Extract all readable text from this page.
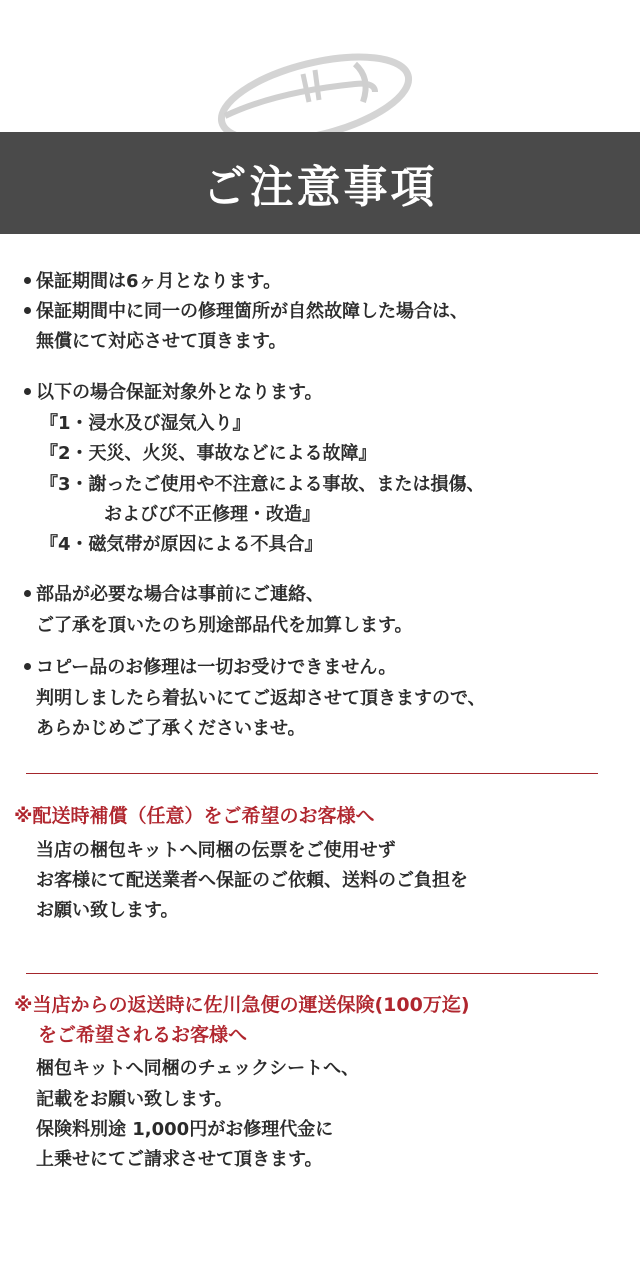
ご注意事項
保証期間は6ヶ月となります。
保証期間中に同一の修理箇所が自然故障した場合は、
無償にて対応させて頂きます。
以下の場合保証対象外となります。
『1・浸水及び湿気入り』
『2・天災、火災、事故などによる故障』
『3・謝ったご使用や不注意による事故、または損傷、
およびび不正修理・改造』
『4・磁気帯が原因による不具合』
部品が必要な場合は事前にご連絡、
ご了承を頂いたのち別途部品代を加算します。
コピー品のお修理は一切お受けできません。
判明しましたら着払いにてご返却させて頂きますので、
あらかじめご了承くださいませ。
※配送時補償（任意）をご希望のお客様へ
当店の梱包キットへ同梱の伝票をご使用せず
お客様にて配送業者へ保証のご依頼、送料のご負担を
お願い致します。
※当店からの返送時に佐川急便の運送保険(100万迄)
をご希望されるお客様へ
梱包キットへ同梱のチェックシートへ、
記載をお願い致します。
保険料別途 1,000円がお修理代金に
上乗せにてご請求させて頂きます。
